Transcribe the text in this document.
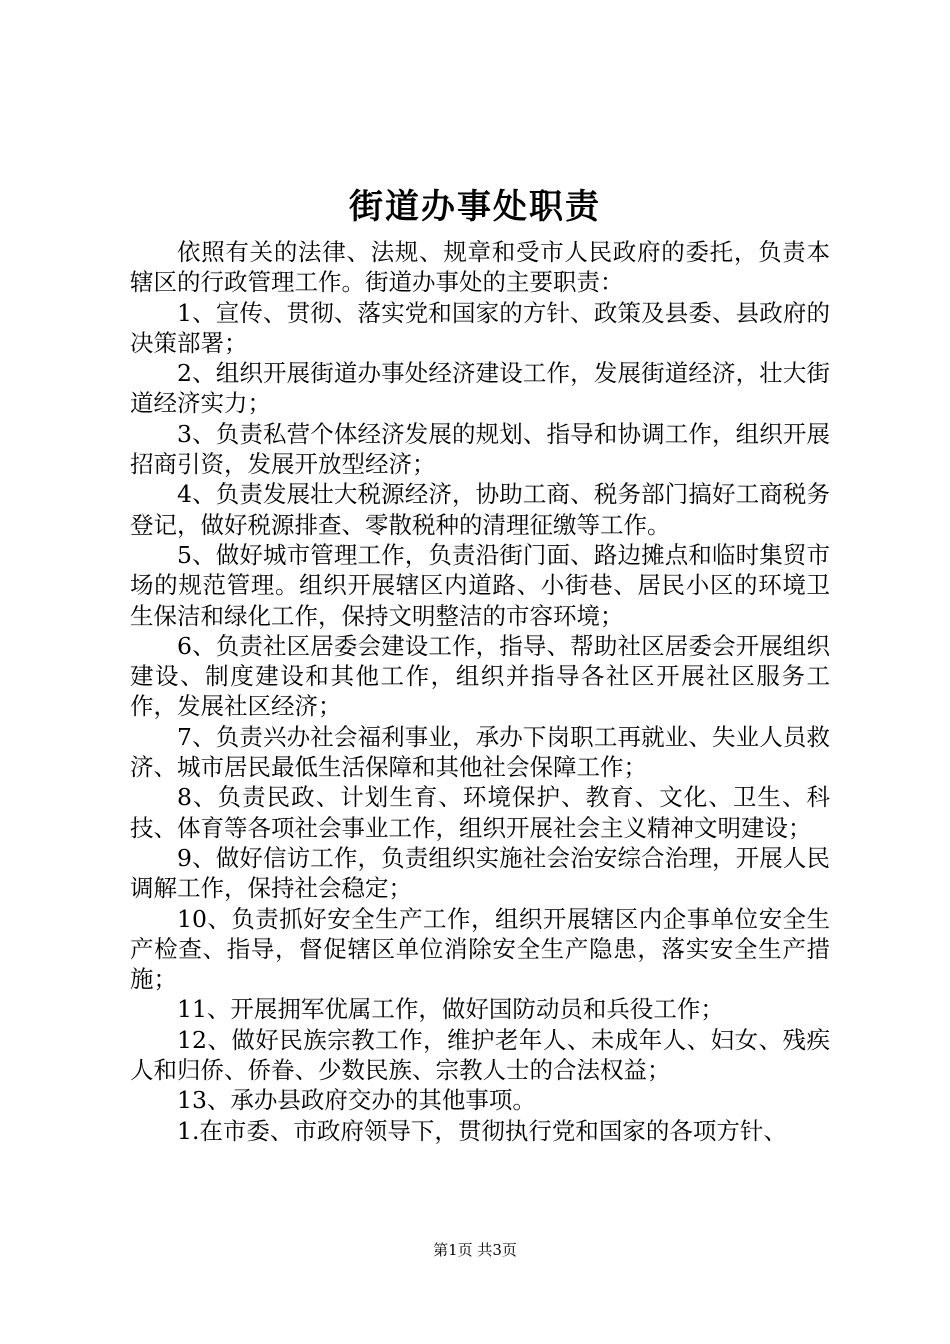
街道办事处职责

依照有关的法律、法规、规章和受市人民政府的委托，负责本辖区的行政管理工作。街道办事处的主要职责：

1、宣传、贯彻、落实党和国家的方针、政策及县委、县政府的决策部署；

2、组织开展街道办事处经济建设工作，发展街道经济，壮大街道经济实力；

3、负责私营个体经济发展的规划、指导和协调工作，组织开展招商引资，发展开放型经济；

4、负责发展壮大税源经济，协助工商、税务部门搞好工商税务登记，做好税源排查、零散税种的清理征缴等工作。

5、做好城市管理工作，负责沿街门面、路边摊点和临时集贸市场的规范管理。组织开展辖区内道路、小街巷、居民小区的环境卫生保洁和绿化工作，保持文明整洁的市容环境；

6、负责社区居委会建设工作，指导、帮助社区居委会开展组织建设、制度建设和其他工作，组织并指导各社区开展社区服务工作，发展社区经济；

7、负责兴办社会福利事业，承办下岗职工再就业、失业人员救济、城市居民最低生活保障和其他社会保障工作；

8、负责民政、计划生育、环境保护、教育、文化、卫生、科技、体育等各项社会事业工作，组织开展社会主义精神文明建设；

9、做好信访工作，负责组织实施社会治安综合治理，开展人民调解工作，保持社会稳定；

10、负责抓好安全生产工作，组织开展辖区内企事单位安全生产检查、指导，督促辖区单位消除安全生产隐患，落实安全生产措施；

11、开展拥军优属工作，做好国防动员和兵役工作；

12、做好民族宗教工作，维护老年人、未成年人、妇女、残疾人和归侨、侨眷、少数民族、宗教人士的合法权益；

13、承办县政府交办的其他事项。

1.在市委、市政府领导下，贯彻执行党和国家的各项方针、

第1页 共3页
